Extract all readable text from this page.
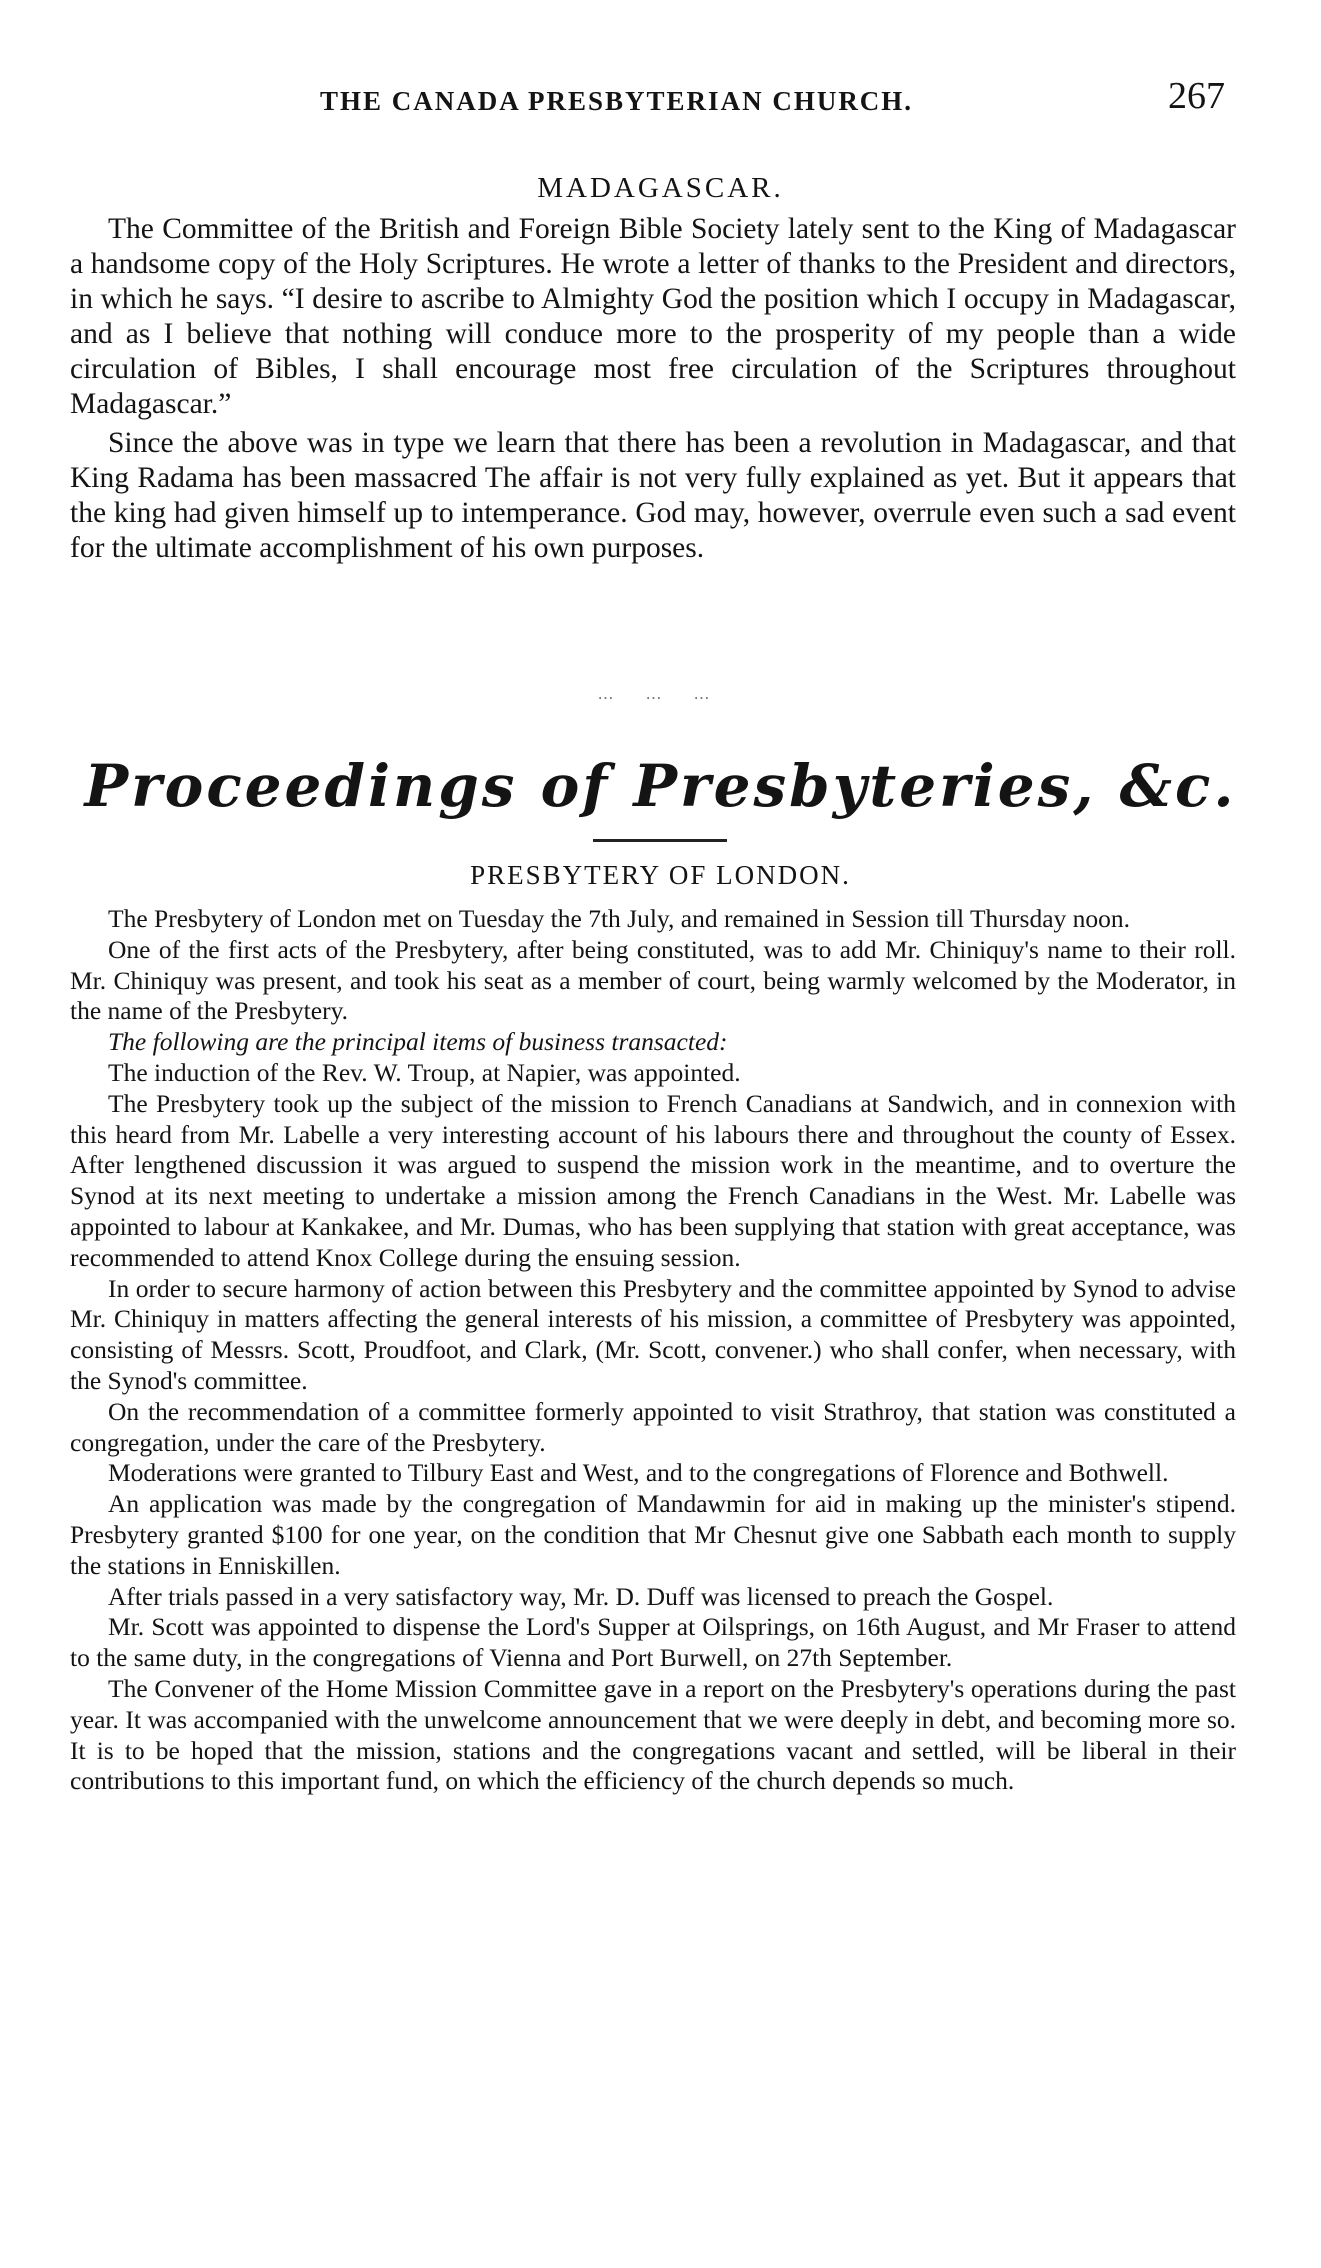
THE CANADA PRESBYTERIAN CHURCH.	267
MADAGASCAR.

The Committee of the British and Foreign Bible Society lately sent to the King of Madagascar a handsome copy of the Holy Scriptures. He wrote a letter of thanks to the President and directors, in which he says. “I desire to ascribe to Almighty God the position which I occupy in Madagascar, and as I believe that nothing will conduce more to the prosperity of my people than a wide circulation of Bibles, I shall encourage most free circulation of the Scriptures throughout Madagascar.”

Since the above was in type we learn that there has been a revolution in Madagascar, and that King Radama has been massacred The affair is not very fully explained as yet. But it appears that the king had given himself up to intemperance. God may, however, overrule even such a sad event for the ultimate accomplishment of his own purposes.

⋯ ⋯ ⋯
Proceedings of Presbyteries, &c.
PRESBYTERY OF LONDON.

The Presbytery of London met on Tuesday the 7th July, and remained in Session till Thursday noon.

One of the first acts of the Presbytery, after being constituted, was to add Mr. Chiniquy's name to their roll. Mr. Chiniquy was present, and took his seat as a member of court, being warmly welcomed by the Moderator, in the name of the Presbytery.

The following are the principal items of business transacted:

The induction of the Rev. W. Troup, at Napier, was appointed.

The Presbytery took up the subject of the mission to French Canadians at Sandwich, and in connexion with this heard from Mr. Labelle a very interesting account of his labours there and throughout the county of Essex. After lengthened discussion it was argued to suspend the mission work in the meantime, and to overture the Synod at its next meeting to undertake a mission among the French Canadians in the West. Mr. Labelle was appointed to labour at Kankakee, and Mr. Dumas, who has been supplying that station with great acceptance, was recommended to attend Knox College during the ensuing session.

In order to secure harmony of action between this Presbytery and the committee appointed by Synod to advise Mr. Chiniquy in matters affecting the general interests of his mission, a committee of Presbytery was appointed, consisting of Messrs. Scott, Proudfoot, and Clark, (Mr. Scott, convener.) who shall confer, when necessary, with the Synod's committee.

On the recommendation of a committee formerly appointed to visit Strathroy, that station was constituted a congregation, under the care of the Presbytery.

Moderations were granted to Tilbury East and West, and to the congregations of Florence and Bothwell.

An application was made by the congregation of Mandawmin for aid in making up the minister's stipend. Presbytery granted $100 for one year, on the condition that Mr Chesnut give one Sabbath each month to supply the stations in Enniskillen.

After trials passed in a very satisfactory way, Mr. D. Duff was licensed to preach the Gospel.

Mr. Scott was appointed to dispense the Lord's Supper at Oilsprings, on 16th August, and Mr Fraser to attend to the same duty, in the congregations of Vienna and Port Burwell, on 27th September.

The Convener of the Home Mission Committee gave in a report on the Presbytery's operations during the past year. It was accompanied with the unwelcome announcement that we were deeply in debt, and becoming more so. It is to be hoped that the mission, stations and the congregations vacant and settled, will be liberal in their contributions to this important fund, on which the efficiency of the church depends so much.
